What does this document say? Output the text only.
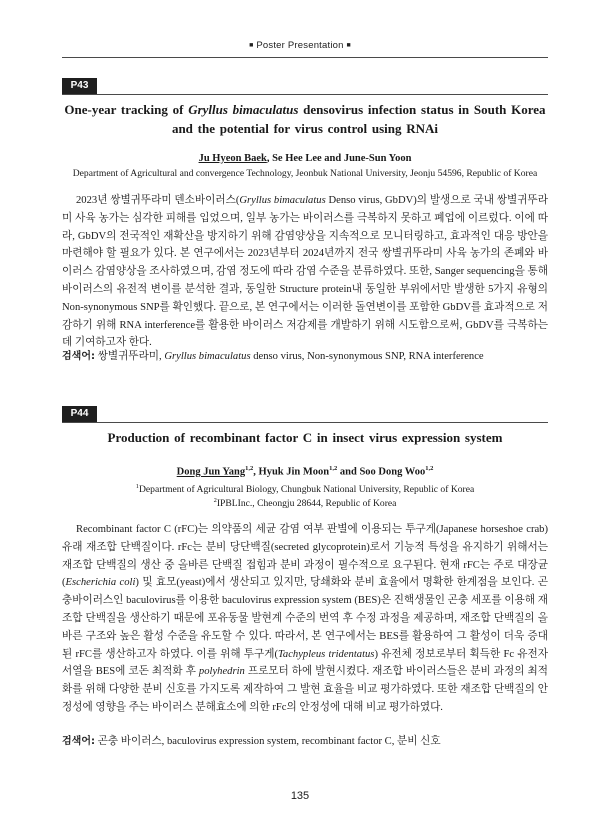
■ Poster Presentation ■
P43
One-year tracking of Gryllus bimaculatus densovirus infection status in South Korea and the potential for virus control using RNAi
Ju Hyeon Baek, Se Hee Lee and June-Sun Yoon
Department of Agricultural and convergence Technology, Jeonbuk National University, Jeonju 54596, Republic of Korea

2023년 쌍별귀뚜라미 덴소바이러스(Gryllus bimaculatus Denso virus, GbDV)의 발생으로 국내 쌍별귀뚜라미 사육 농가는 심각한 피해를 입었으며, 일부 농가는 바이러스를 극복하지 못하고 폐업에 이르렀다. 이에 따라, GbDV의 전국적인 재확산을 방지하기 위해 감염양상을 지속적으로 모니터링하고, 효과적인 대응 방안을 마련해야 할 필요가 있다. 본 연구에서는 2023년부터 2024년까지 전국 쌍별귀뚜라미 사육 농가의 존폐와 바이러스 감염양상을 조사하였으며, 감염 정도에 따라 감염 수준을 분류하였다. 또한, Sanger sequencing을 통해 바이러스의 유전적 변이를 분석한 결과, 동일한 Structure protein내 동일한 부위에서만 발생한 5가지 유형의 Non-synonymous SNP를 확인했다. 끝으로, 본 연구에서는 이러한 돌연변이를 포함한 GbDV를 효과적으로 저감하기 위해 RNA interference를 활용한 바이러스 저감제를 개발하기 위해 시도함으로써, GbDV를 극복하는 데 기여하고자 한다.

검색어: 쌍별귀뚜라미, Gryllus bimaculatus denso virus, Non-synonymous SNP, RNA interference

P44
Production of recombinant factor C in insect virus expression system
Dong Jun Yang$^{1,2}$, Hyuk Jin Moon$^{1,2}$ and Soo Dong Woo$^{1,2}$
$^1$Department of Agricultural Biology, Chungbuk National University, Republic of Korea
$^2$IPBLInc., Cheongju 28644, Republic of Korea

Recombinant factor C (rFC)는 의약품의 세균 감염 여부 판별에 이용되는 투구게(Japanese horseshoe crab) 유래 재조합 단백질이다. rFc는 분비 당단백질(secreted glycoprotein)로서 기능적 특성을 유지하기 위해서는 재조합 단백질의 생산 중 올바른 단백질 접힘과 분비 과정이 필수적으로 요구된다. 현재 rFC는 주로 대장균(Escherichia coli) 및 효모(yeast)에서 생산되고 있지만, 당쇄화와 분비 효율에서 명확한 한계점을 보인다. 곤충바이러스인 baculovirus를 이용한 baculovirus expression system (BES)은 진핵생물인 곤충 세포를 이용해 재조합 단백질을 생산하기 때문에 포유동물 발현계 수준의 번역 후 수정 과정을 제공하며, 재조합 단백질의 올바른 구조와 높은 활성 수준을 유도할 수 있다. 따라서, 본 연구에서는 BES를 활용하여 그 활성이 더욱 증대된 rFC를 생산하고자 하였다. 이를 위해 투구게(Tachypleus tridentatus) 유전체 정보로부터 획득한 Fc 유전자 서열을 BES에 코돈 최적화 후 polyhedrin 프로모터 하에 발현시켰다. 재조합 바이러스들은 분비 과정의 최적화를 위해 다양한 분비 신호를 가지도록 제작하여 그 발현 효율을 비교 평가하였다. 또한 재조합 단백질의 안정성에 영향을 주는 바이러스 분해효소에 의한 rFc의 안정성에 대해 비교 평가하였다.

검색어: 곤충 바이러스, baculovirus expression system, recombinant factor C, 분비 신호

135
